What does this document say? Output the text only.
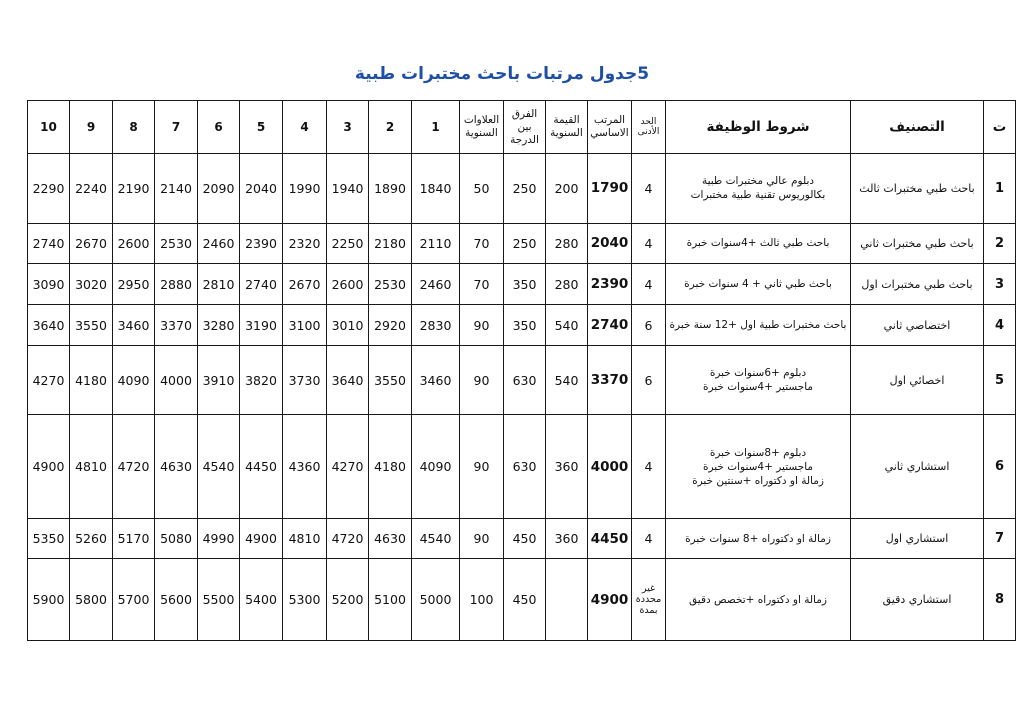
5جدول مرتبات باحث مختبرات طبية
10	9	8	7	6	5	4	3	2	1	العلاوات السنوية	الفرق بين الدرجة	القيمة السنوية	المرتب الاساسي	الحد الأدنى	شروط الوظيفة	التصنيف	ت
2290	2240	2190	2140	2090	2040	1990	1940	1890	1840	50	250	200	1790	4	دبلوم عالي مختبرات طبية
بكالوريوس تقنية طبية مختبرات	باحث طبي مختبرات ثالث	1
2740	2670	2600	2530	2460	2390	2320	2250	2180	2110	70	250	280	2040	4	باحث طبي ثالث +4سنوات خبرة	باحث طبي مختبرات ثاني	2
3090	3020	2950	2880	2810	2740	2670	2600	2530	2460	70	350	280	2390	4	باحث طبي ثاني + 4 سنوات خبرة	باحث طبي مختبرات اول	3
3640	3550	3460	3370	3280	3190	3100	3010	2920	2830	90	350	540	2740	6	باحث مختبرات طبية اول +12 سنة خبرة	اختصاصي ثاني	4
4270	4180	4090	4000	3910	3820	3730	3640	3550	3460	90	630	540	3370	6	دبلوم +6سنوات خبرة
ماجستير +4سنوات خبرة	اخصائي اول	5
4900	4810	4720	4630	4540	4450	4360	4270	4180	4090	90	630	360	4000	4	دبلوم +8سنوات خبرة
ماجستير +4سنوات خبرة
زمالة او دكتوراه +سنتين خبرة	استشاري ثاني	6
5350	5260	5170	5080	4990	4900	4810	4720	4630	4540	90	450	360	4450	4	زمالة او دكتوراه +8 سنوات خبرة	استشاري اول	7
5900	5800	5700	5600	5500	5400	5300	5200	5100	5000	100	450		4900	غير محددة بمدة	زمالة او دكتوراه +تخصص دقيق	استشاري دقيق	8
